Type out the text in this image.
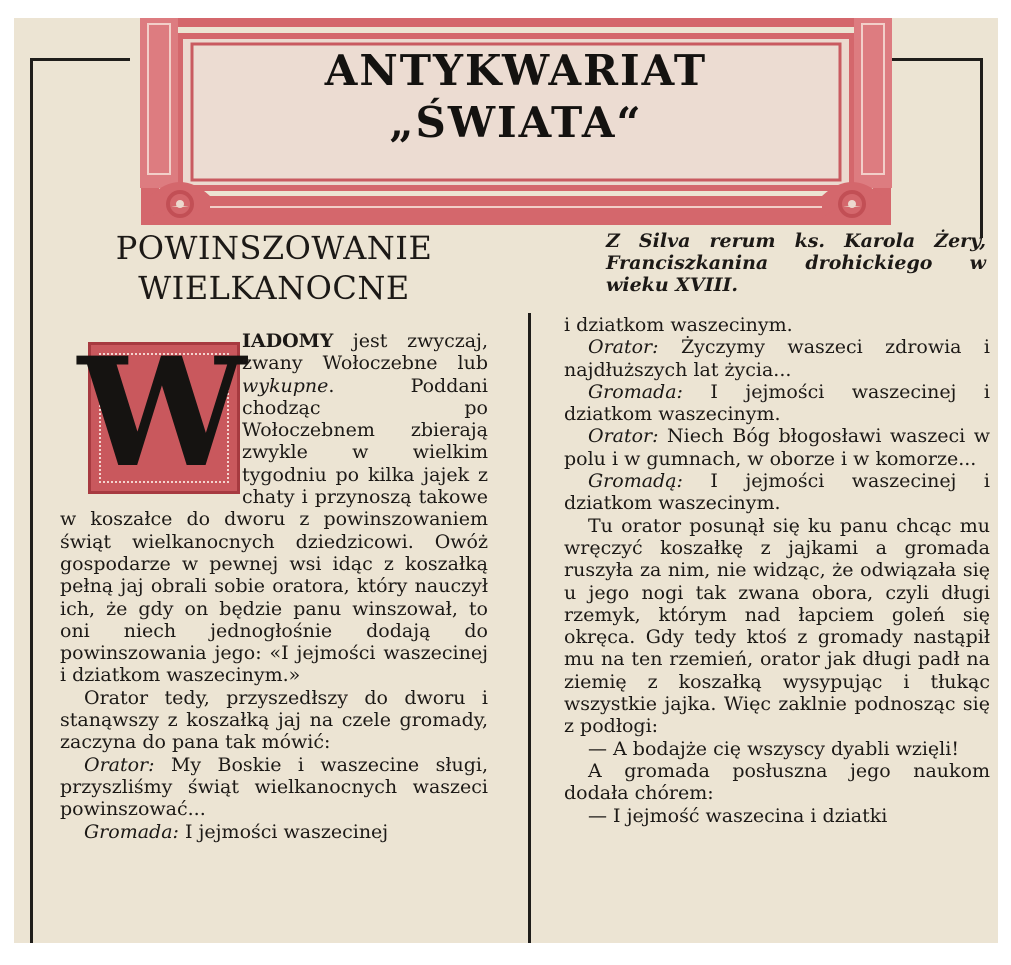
ANTYKWARIAT
„ŚWIATA“
POWINSZOWANIE
WIELKANOCNE
Z Silva rerum ks. Karola Żery, Franciszkanina drohickiego w wieku XVIII.
W

IADOMY jest zwyczaj, zwany Wołoczebne lub wykupne. Poddani chodząc po Wołoczebnem zbierają zwykle w wielkim tygodniu po kilka jajek z chaty i przynoszą takowe w koszałce do dworu z powinszowaniem świąt wielkanocnych dziedzicowi. Owóż gospodarze w pewnej wsi idąc z koszałką pełną jaj obrali sobie oratora, który nauczył ich, że gdy on będzie panu winszował, to oni niech jednogłośnie dodają do powinszowania jego: «I jejmości waszecinej i dziatkom waszecinym.»

Orator tedy, przyszedłszy do dworu i stanąwszy z koszałką jaj na czele gromady, zaczyna do pana tak mówić:

Orator: My Boskie i waszecine sługi, przyszliśmy świąt wielkanocnych waszeci powinszować...

Gromada: I jejmości waszecinej

i dziatkom waszecinym.

Orator: Życzymy waszeci zdrowia i najdłuższych lat życia...

Gromada: I jejmości waszecinej i dziatkom waszecinym.

Orator: Niech Bóg błogosławi waszeci w polu i w gumnach, w oborze i w komorze...

Gromadą: I jejmości waszecinej i dziatkom waszecinym.

Tu orator posunął się ku panu chcąc mu wręczyć koszałkę z jajkami a gromada ruszyła za nim, nie widząc, że odwiązała się u jego nogi tak zwana obora, czyli długi rzemyk, którym nad łapciem goleń się okręca. Gdy tedy ktoś z gromady nastąpił mu na ten rzemień, orator jak długi padł na ziemię z koszałką wysypując i tłukąc wszystkie jajka. Więc zaklnie podnosząc się z podłogi:

— A bodajże cię wszyscy dyabli wzięli!

A gromada posłuszna jego naukom dodała chórem:

— I jejmość waszecina i dziatki
